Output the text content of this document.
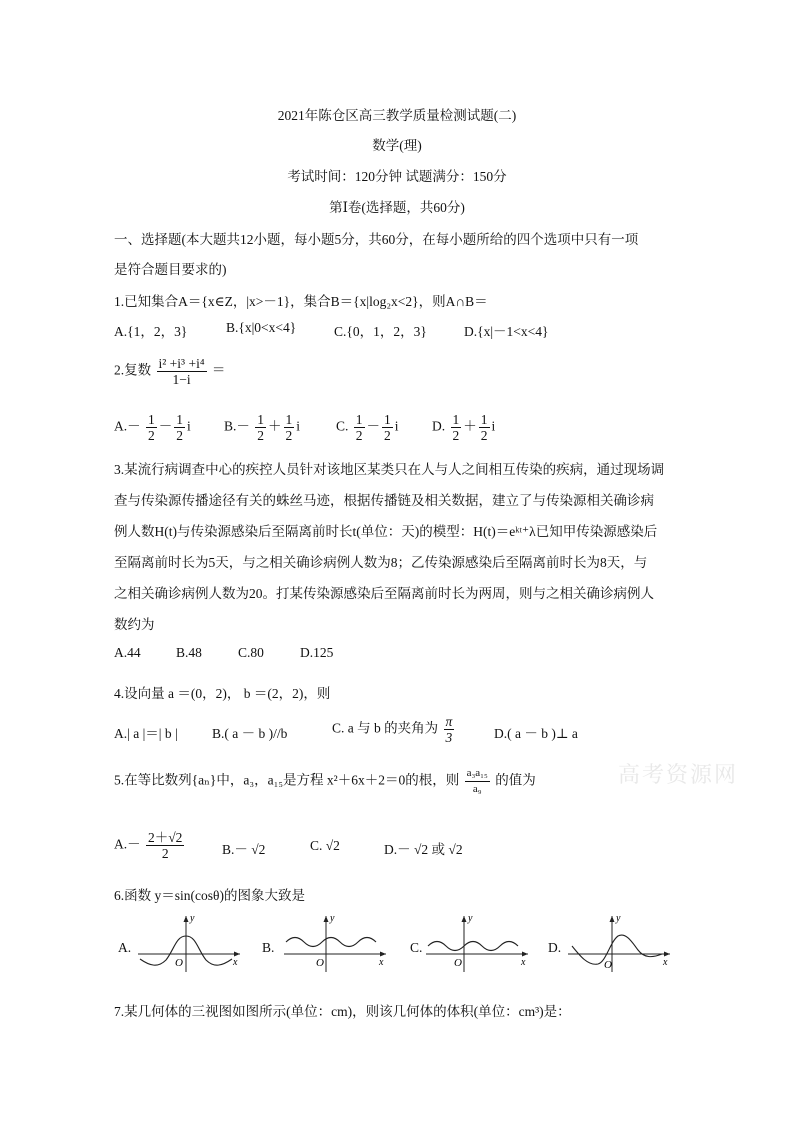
2021年陈仓区高三教学质量检测试题(二)
数学(理)
考试时间：120分钟 试题满分：150分
第Ⅰ卷(选择题，共60分)
一、选择题(本大题共12小题，每小题5分，共60分，在每小题所给的四个选项中只有一项
是符合题目要求的)
1.已知集合A＝{x∈Z，|x>－1}，集合B＝{x|log₂x<2}，则A∩B＝
A.{1，2，3}	B.{x|0<x<4}	C.{0，1，2，3}	D.{x|－1<x<4}
2.复数 $\frac{\text{i² +i³ +i⁴}}{1-i}$ ＝
$A.- \frac{1}{2} - \frac{1}{2}$ i $B.- \frac{1}{2} + \frac{1}{2}$ i	C. $\frac{1}{2} - \frac{1}{2}$ i D. $\frac{1}{2} + \frac{1}{2}$ i
3.某流行病调查中心的疾控人员针对该地区某类只在人与人之间相互传染的疾病，通过现场调
查与传染源传播途径有关的蛛丝马迹，根据传播链及相关数据，建立了与传染源相关确诊病
例人数H(t)与传染源感染后至隔离前时长t(单位：天)的模型：H(t)＝eᵏᵗ⁺λ已知甲传染源感染后
至隔离前时长为5天，与之相关确诊病例人数为8；乙传染源感染后至隔离前时长为8天，与
之相关确诊病例人数为20。打某传染源感染后至隔离前时长为两周，则与之相关确诊病例人
数约为
A.44	B.48	C.80	D.125
4.设向量 a ＝(0，2)， b ＝(2，2)，则
A.| a |＝| b |	B.( a － b )//b	C. a 与 b 的夹角为 $\frac{\pi}{3}$	D.( a － b )⊥ a
5.在等比数列{aₙ}中，a₃，a₁₅是方程 x²＋6x＋2＝0的根，则 $\frac{\text{a₃a₁₅}}{\text{a₉}}$ 的值为
$A.- \frac{2+√2}{2}$	B.－ √2	C. √2	D.－ √2 或 √2
6.函数 y＝sin(cosθ)的图象大致是
A.
x
y
O
B.
x
y
O
C.
x
y
O
D.
x
y
O
7.某几何体的三视图如图所示(单位：cm)，则该几何体的体积(单位：cm³)是：
高考资源网
